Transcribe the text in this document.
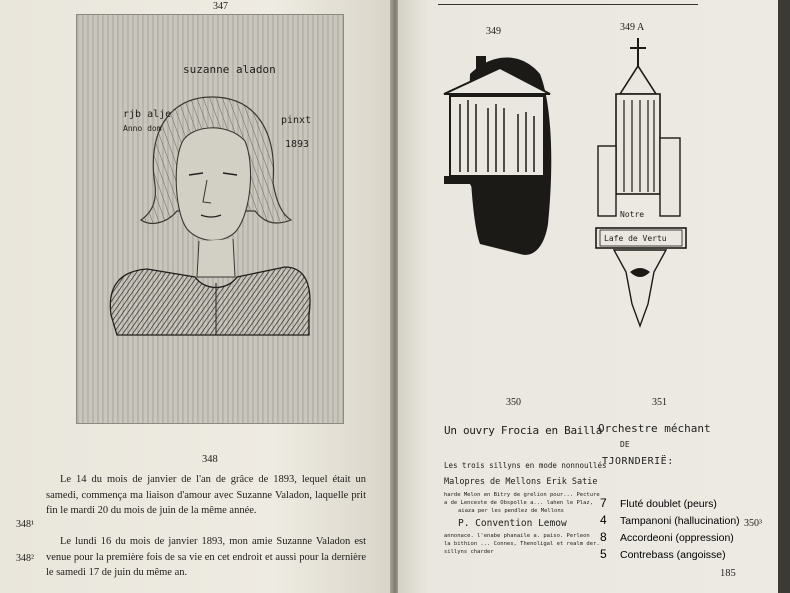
347
suzanne aladon
rjb alje
Anno dom
pinxt
1893
348
Le 14 du mois de janvier de l'an de grâce de 1893, lequel était un samedi, commença ma liaison d'amour avec Suzanne Valadon, laquelle prit fin le mardi 20 du mois de juin de la même année.
Le lundi 16 du mois de janvier 1893, mon amie Suzanne Valadon est venue pour la première fois de sa vie en cet endroit et aussi pour la dernière le samedi 17 de juin du même an.
348¹
348²
349	349 A
Notre
Lafe de Vertu
350	351
Un ouvry Frocia en Bailla
Les trois sillyns en mode nonnoullés
Malopres de Mellons Erik Satie
harde Melon en Bitry de grelion pour... Pecture
a de Lenceste de Obspolle a... lahen le Plaz,
aiaza per les pendlez de Mellons
P. Convention Lemow
annonace. l'enabe phanaile a. paiso. Perleon
la bithion ... Connes, Thenoligal et realm der.
sillyns charder
Orchestre méchant
DE
TJORNDERIË:
7 Fluté doublet (peurs)
4 Tampanoni (hallucination)
8 Accordeoni (oppression)
5 Contrebass (angoisse)
350³
185
